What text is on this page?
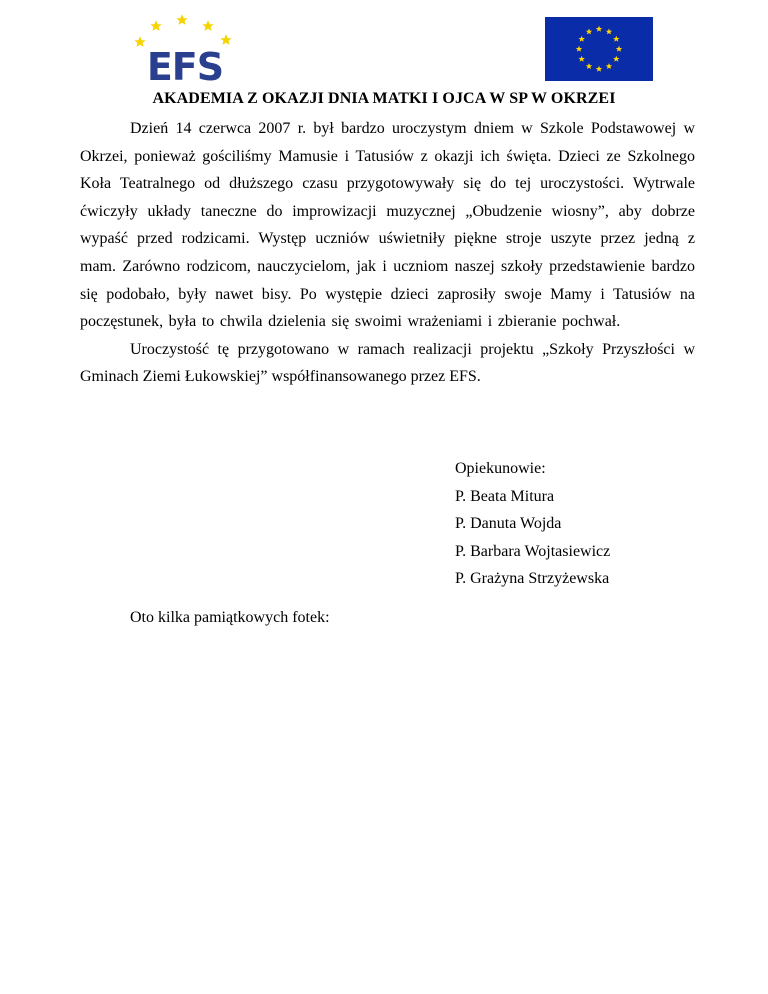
EFS
AKADEMIA Z OKAZJI DNIA MATKI I OJCA W SP W OKRZEI

Dzień 14 czerwca 2007 r. był bardzo uroczystym dniem w Szkole Podstawowej w Okrzei, ponieważ gościliśmy Mamusie i Tatusiów z okazji ich święta. Dzieci ze Szkolnego Koła Teatralnego od dłuższego czasu przygotowywały się do tej uroczystości. Wytrwale ćwiczyły układy taneczne do improwizacji muzycznej „Obudzenie wiosny”, aby dobrze wypaść przed rodzicami. Występ uczniów uświetniły piękne stroje uszyte przez jedną z mam. Zarówno rodzicom, nauczycielom, jak i uczniom naszej szkoły przedstawienie bardzo się podobało, były nawet bisy. Po występie dzieci zaprosiły swoje Mamy i Tatusiów na poczęstunek, była to chwila dzielenia się swoimi wrażeniami i zbieranie pochwał.

Uroczystość tę przygotowano w ramach realizacji projektu „Szkoły Przyszłości w Gminach Ziemi Łukowskiej” współfinansowanego przez EFS.

Opiekunowie:
P. Beata Mitura
P. Danuta Wojda
P. Barbara Wojtasiewicz
P. Grażyna Strzyżewska

Oto kilka pamiątkowych fotek:
